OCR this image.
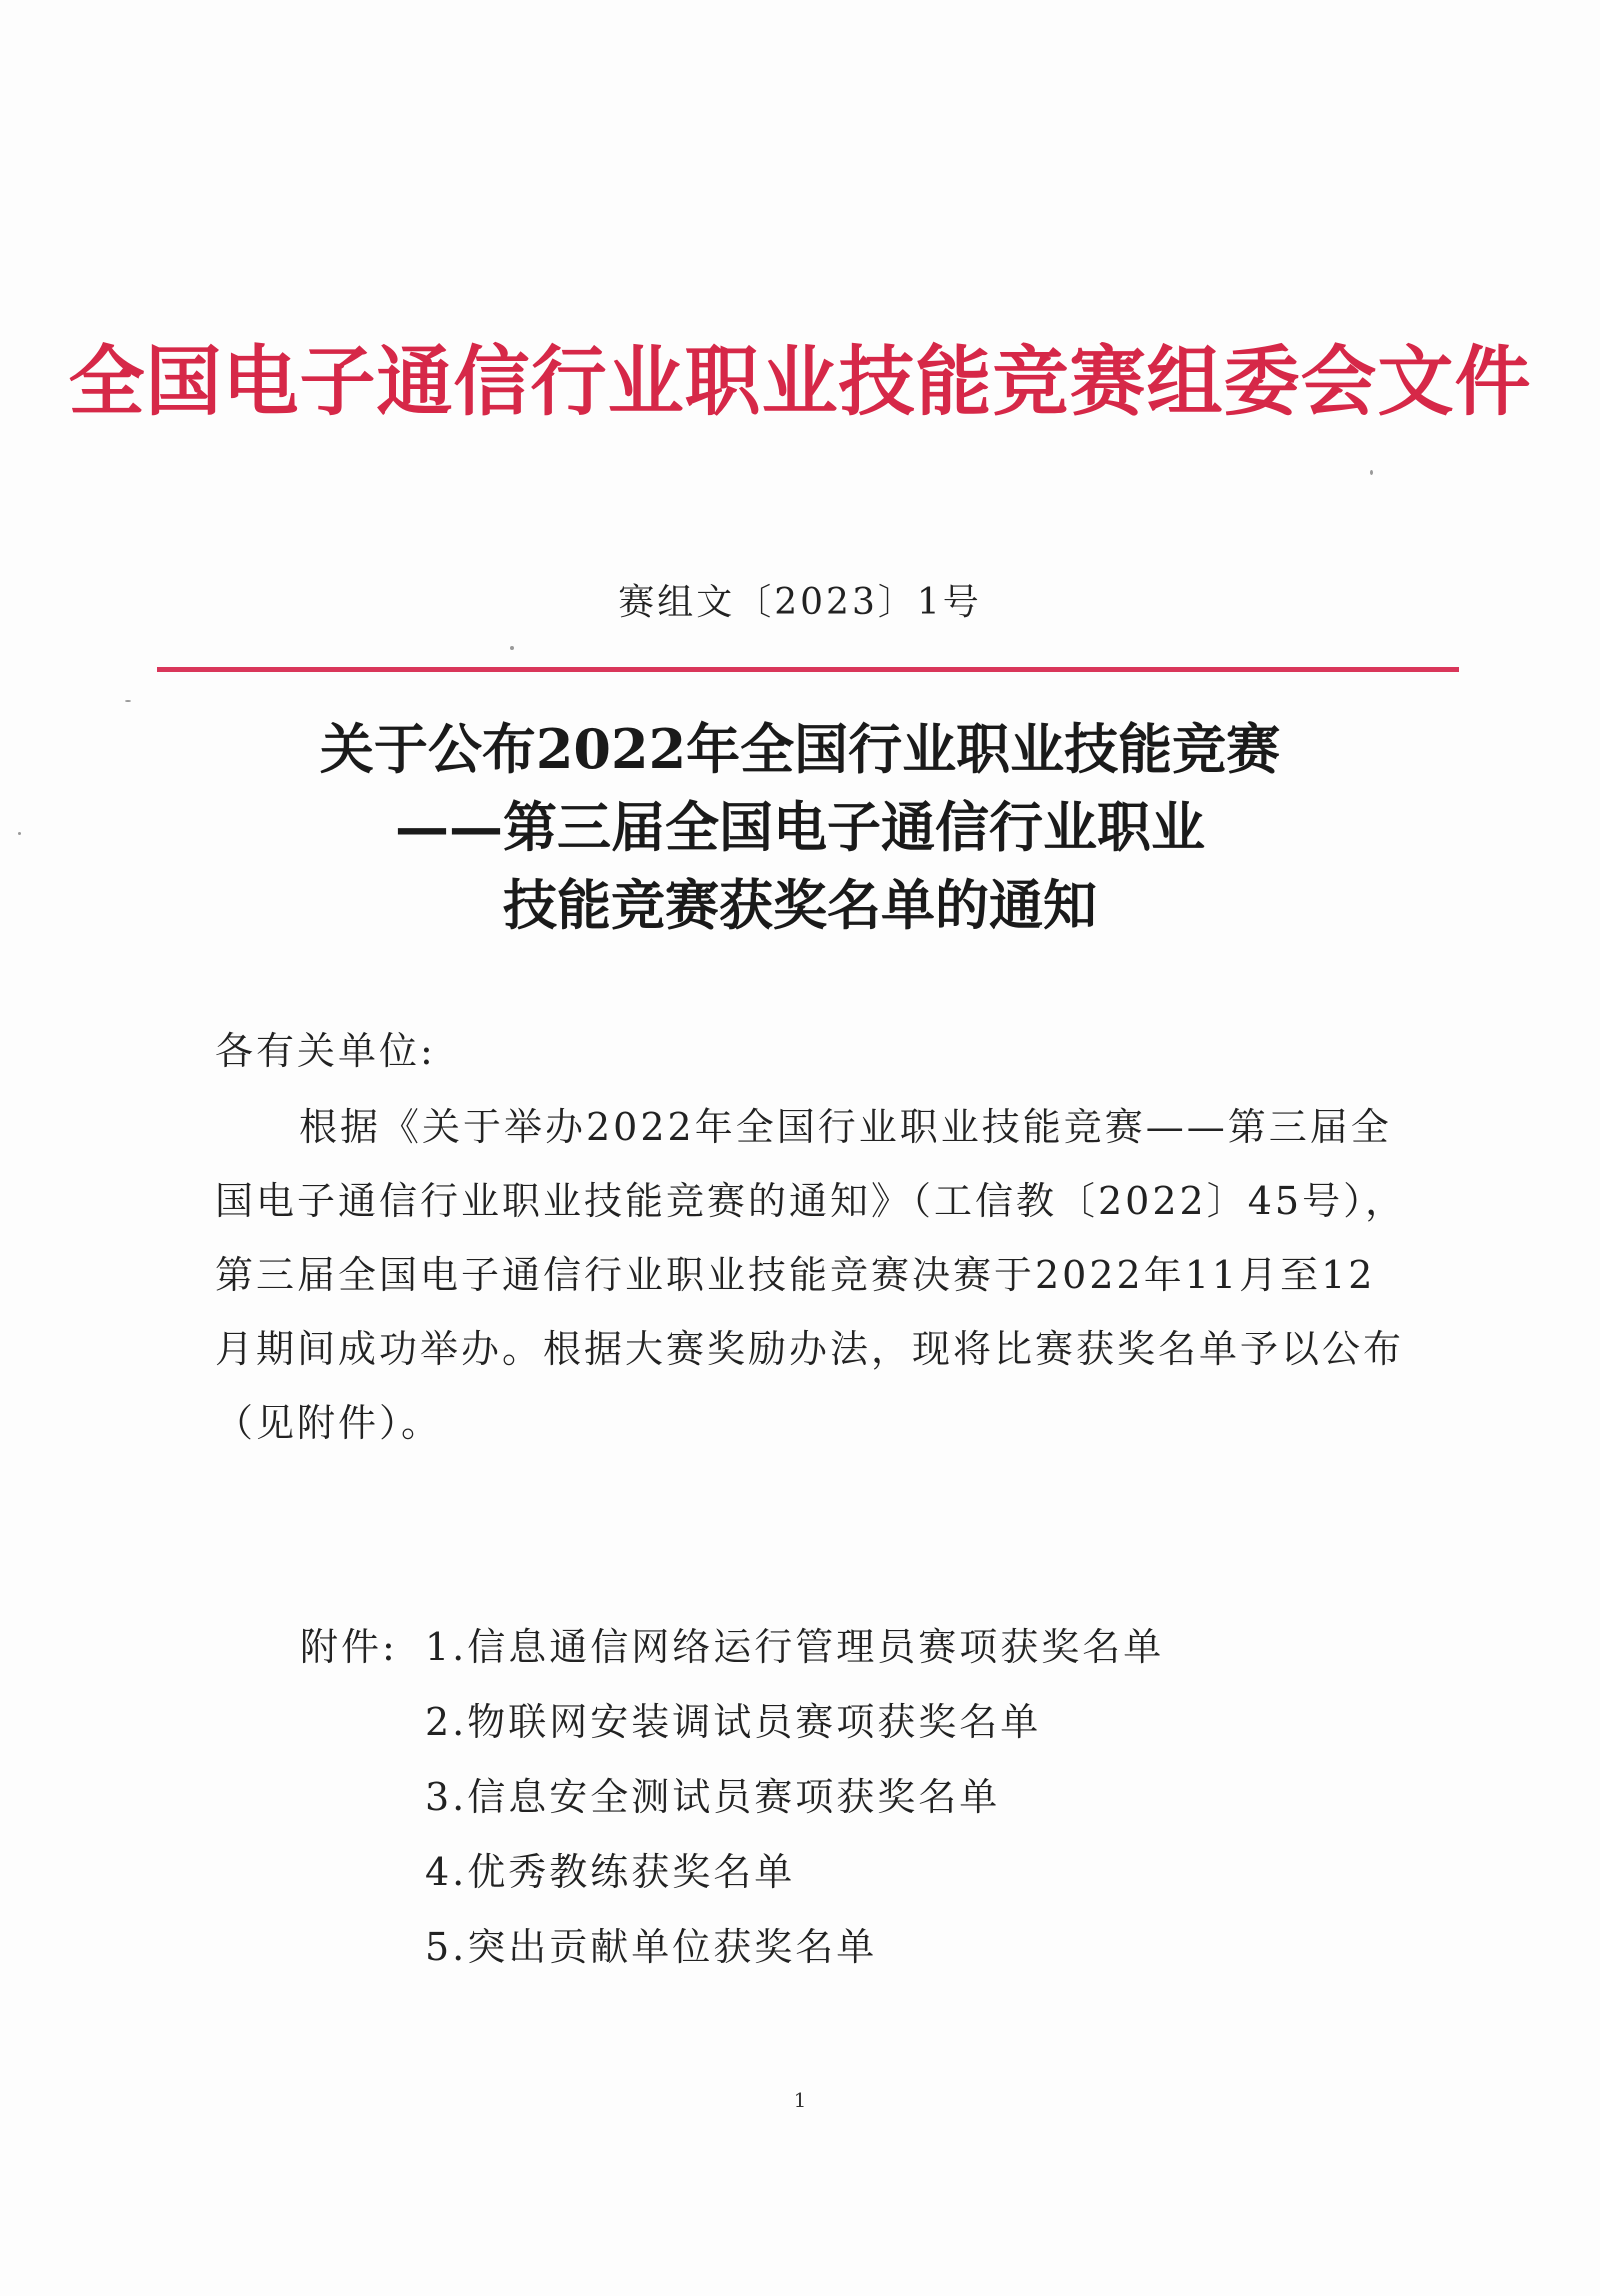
全国电子通信行业职业技能竞赛组委会文件
赛组文〔2023〕1号
关于公布2022年全国行业职业技能竞赛
——第三届全国电子通信行业职业
技能竞赛获奖名单的通知
各有关单位:
根据《关于举办2022年全国行业职业技能竞赛——第三届全
国电子通信行业职业技能竞赛的通知》（工信教〔2022〕45号），
第三届全国电子通信行业职业技能竞赛决赛于2022年11月至12
月期间成功举办。根据大赛奖励办法，现将比赛获奖名单予以公布
（见附件）。
附件: 1.信息通信网络运行管理员赛项获奖名单
2.物联网安装调试员赛项获奖名单
3.信息安全测试员赛项获奖名单
4.优秀教练获奖名单
5.突出贡献单位获奖名单
1
